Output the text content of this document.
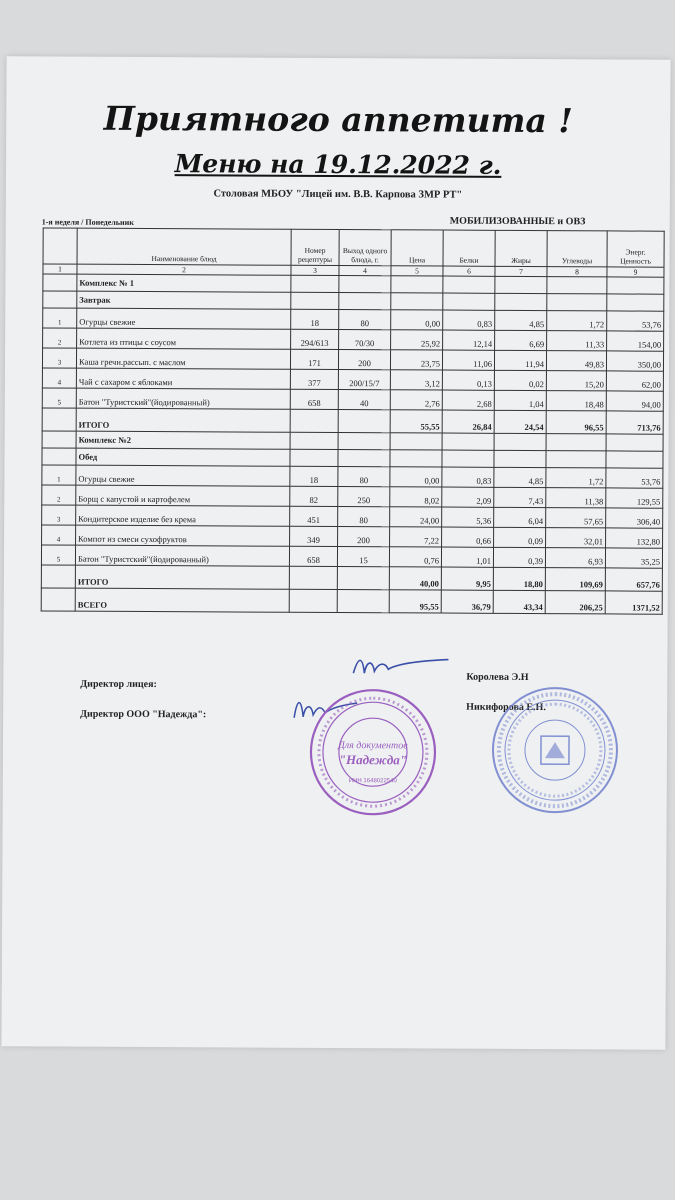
Приятного аппетита !
Меню на 19.12.2022 г.
Столовая МБОУ "Лицей им. В.В. Карпова ЗМР РТ"
1-я неделя / Понедельник	МОБИЛИЗОВАННЫЕ и ОВЗ
	Наименование блюд	Номер рецептуры	Выход одного блюда, г.	Цена	Белки	Жиры	Углеводы	Энерг. Ценность
1	2	3	4	5	6	7	8	9
	Комплекс № 1							
	Завтрак							
1	Огурцы свежие	18	80	0,00	0,83	4,85	1,72	53,76
2	Котлета из птицы с соусом	294/613	70/30	25,92	12,14	6,69	11,33	154,00
3	Каша гречн.рассып. с маслом	171	200	23,75	11,06	11,94	49,83	350,00
4	Чай с сахаром с яблоками	377	200/15/7	3,12	0,13	0,02	15,20	62,00
5	Батон "Туристский"(йодированный)	658	40	2,76	2,68	1,04	18,48	94,00
	ИТОГО			55,55	26,84	24,54	96,55	713,76
	Комплекс №2							
	Обед							
1	Огурцы свежие	18	80	0,00	0,83	4,85	1,72	53,76
2	Борщ с капустой и картофелем	82	250	8,02	2,09	7,43	11,38	129,55
3	Кондитерское изделие без крема	451	80	24,00	5,36	6,04	57,65	306,40
4	Компот из смеси сухофруктов	349	200	7,22	0,66	0,09	32,01	132,80
5	Батон "Туристский"(йодированный)	658	15	0,76	1,01	0,39	6,93	35,25
	ИТОГО			40,00	9,95	18,80	109,69	657,76
	ВСЕГО			95,55	36,79	43,34	206,25	1371,52
Директор лицея:
Королева Э.Н
Директор ООО "Надежда":
Никифорова Е.Н.
Для документов
"Надежда"
ИНН 1648022540
